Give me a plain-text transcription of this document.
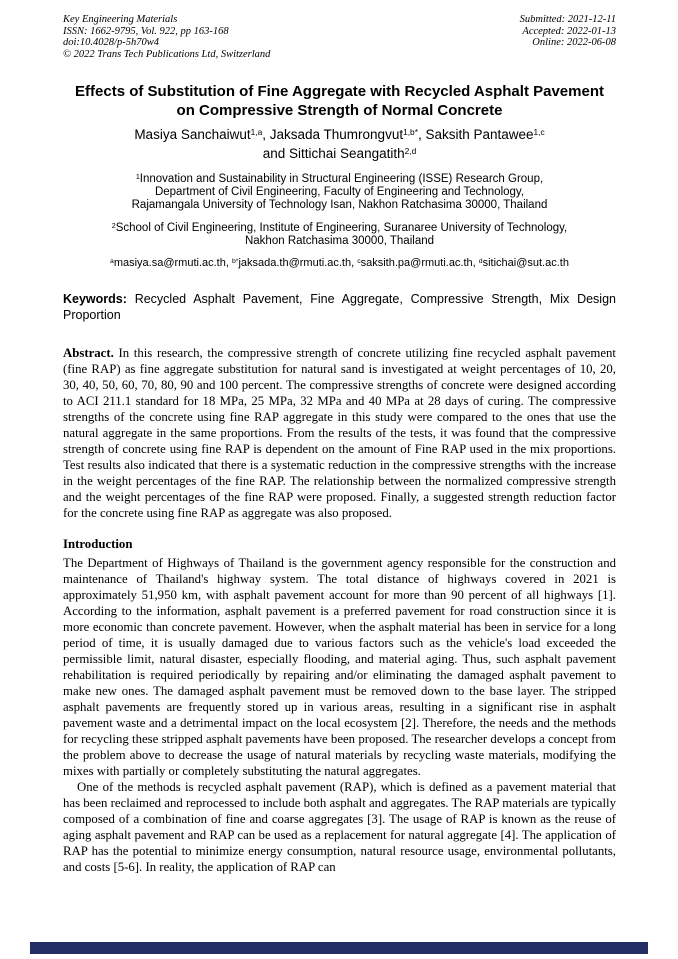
Key Engineering Materials
ISSN: 1662-9795, Vol. 922, pp 163-168
doi:10.4028/p-5h70w4
© 2022 Trans Tech Publications Ltd, Switzerland
Submitted: 2021-12-11
Accepted: 2022-01-13
Online: 2022-06-08
Effects of Substitution of Fine Aggregate with Recycled Asphalt Pavement on Compressive Strength of Normal Concrete
Masiya Sanchaiwut$^{1,a}$, Jaksada Thumrongvut$^{1,b*}$, Saksith Pantawee$^{1,c}$
and Sittichai Seangatith$^{2,d}$
$^1$Innovation and Sustainability in Structural Engineering (ISSE) Research Group,
Department of Civil Engineering, Faculty of Engineering and Technology,
Rajamangala University of Technology Isan, Nakhon Ratchasima 30000, Thailand
$^2$School of Civil Engineering, Institute of Engineering, Suranaree University of Technology,
Nakhon Ratchasima 30000, Thailand
$^a$masiya.sa@rmuti.ac.th, $^{b*}$jaksada.th@rmuti.ac.th, $^c$saksith.pa@rmuti.ac.th, $^d$sitichai@sut.ac.th

Keywords: Recycled Asphalt Pavement, Fine Aggregate, Compressive Strength, Mix Design Proportion

Abstract. In this research, the compressive strength of concrete utilizing fine recycled asphalt pavement (fine RAP) as fine aggregate substitution for natural sand is investigated at weight percentages of 10, 20, 30, 40, 50, 60, 70, 80, 90 and 100 percent. The compressive strengths of concrete were designed according to ACI 211.1 standard for 18 MPa, 25 MPa, 32 MPa and 40 MPa at 28 days of curing. The compressive strengths of the concrete using fine RAP aggregate in this study were compared to the ones that use the natural aggregate in the same proportions. From the results of the tests, it was found that the compressive strength of concrete using fine RAP is dependent on the amount of Fine RAP used in the mix proportions. Test results also indicated that there is a systematic reduction in the compressive strengths with the increase in the weight percentages of the fine RAP. The relationship between the normalized compressive strength and the weight percentages of the fine RAP were proposed. Finally, a suggested strength reduction factor for the concrete using fine RAP as aggregate was also proposed.

Introduction

The Department of Highways of Thailand is the government agency responsible for the construction and maintenance of Thailand's highway system. The total distance of highways covered in 2021 is approximately 51,950 km, with asphalt pavement account for more than 90 percent of all highways [1]. According to the information, asphalt pavement is a preferred pavement for road construction since it is more economic than concrete pavement. However, when the asphalt material has been in service for a long period of time, it is usually damaged due to various factors such as the vehicle's load exceeded the permissible limit, natural disaster, especially flooding, and material aging. Thus, such asphalt pavement rehabilitation is required periodically by repairing and/or eliminating the damaged asphalt pavement to make new ones. The damaged asphalt pavement must be removed down to the base layer. The stripped asphalt pavements are frequently stored up in various areas, resulting in a significant rise in asphalt pavement waste and a detrimental impact on the local ecosystem [2]. Therefore, the needs and the methods for recycling these stripped asphalt pavements have been proposed. The researcher develops a concept from the problem above to decrease the usage of natural materials by recycling waste materials, modifying the mixes with partially or completely substituting the natural aggregates.

One of the methods is recycled asphalt pavement (RAP), which is defined as a pavement material that has been reclaimed and reprocessed to include both asphalt and aggregates. The RAP materials are typically composed of a combination of fine and coarse aggregates [3]. The usage of RAP is known as the reuse of aging asphalt pavement and RAP can be used as a replacement for natural aggregate [4]. The application of RAP has the potential to minimize energy consumption, natural resource usage, environmental pollutants, and costs [5-6]. In reality, the application of RAP can
